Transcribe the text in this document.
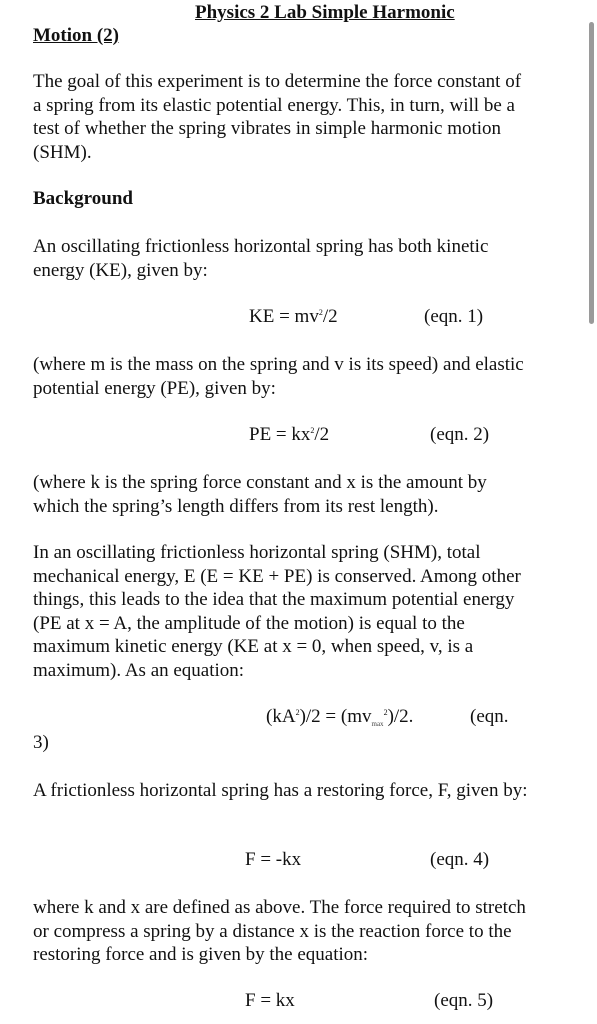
Physics 2 Lab Simple Harmonic
Motion (2)
The goal of this experiment is to determine the force constant of a spring from its elastic potential energy. This, in turn, will be a test of whether the spring vibrates in simple harmonic motion (SHM).
Background
An oscillating frictionless horizontal spring has both kinetic energy (KE), given by:
KE = $mv^2/2$	(eqn. 1)
(where m is the mass on the spring and v is its speed) and elastic potential energy (PE), given by:
PE = $kx^2/2$	(eqn. 2)
(where k is the spring force constant and x is the amount by which the spring’s length differs from its rest length).
In an oscillating frictionless horizontal spring (SHM), total mechanical energy, E (E = KE + PE) is conserved. Among other things, this leads to the idea that the maximum potential energy (PE at x = A, the amplitude of the motion) is equal to the maximum kinetic energy (KE at x = 0, when speed, v, is a maximum). As an equation:
$(kA^2)/2 = (mv_{max}^2)/2$.	(eqn.
3)
A frictionless horizontal spring has a restoring force, F, given by:
F = -kx	(eqn. 4)
where k and x are defined as above. The force required to stretch or compress a spring by a distance x is the reaction force to the restoring force and is given by the equation:
F = kx	(eqn. 5)
